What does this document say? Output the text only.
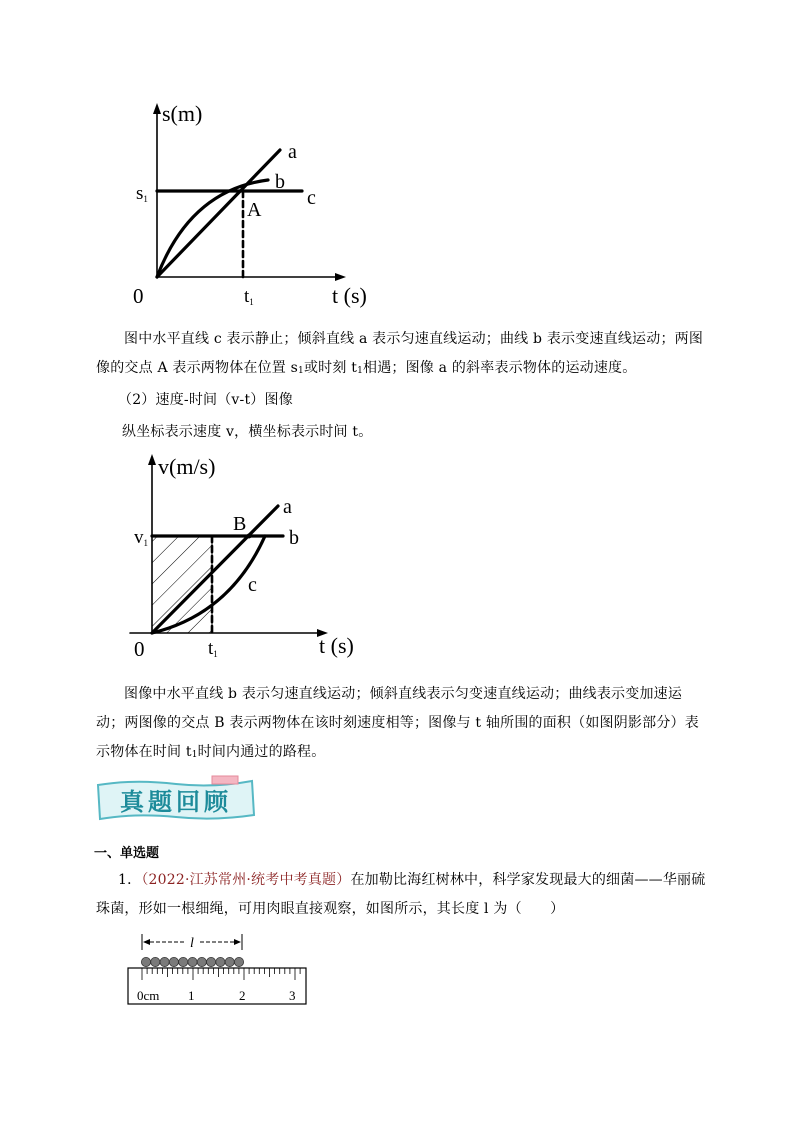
s(m)
0
s1
t1	t (s)
a
b
c
A
图中水平直线 c 表示静止；倾斜直线 a 表示匀速直线运动；曲线 b 表示变速直线运动；两图像的交点 A 表示两物体在位置 $s_1$或时刻 $t_1$相遇；图像 a 的斜率表示物体的运动速度。
（2）速度-时间（v-t）图像
纵坐标表示速度 v，横坐标表示时间 t。
v(m/s)
0
v1
t1	t (s)
a
b
c
B
图像中水平直线 b 表示匀速直线运动；倾斜直线表示匀变速直线运动；曲线表示变加速运动；两图像的交点 B 表示两物体在该时刻速度相等；图像与 t 轴所围的面积（如图阴影部分）表示物体在时间 $t_1$时间内通过的路程。
真题回顾
一、单选题
1．（2022·江苏常州·统考中考真题）在加勒比海红树林中，科学家发现最大的细菌——华丽硫珠菌，形如一根细绳，可用肉眼直接观察，如图所示，其长度 l 为（　　）
l
0cm 1	2	3
